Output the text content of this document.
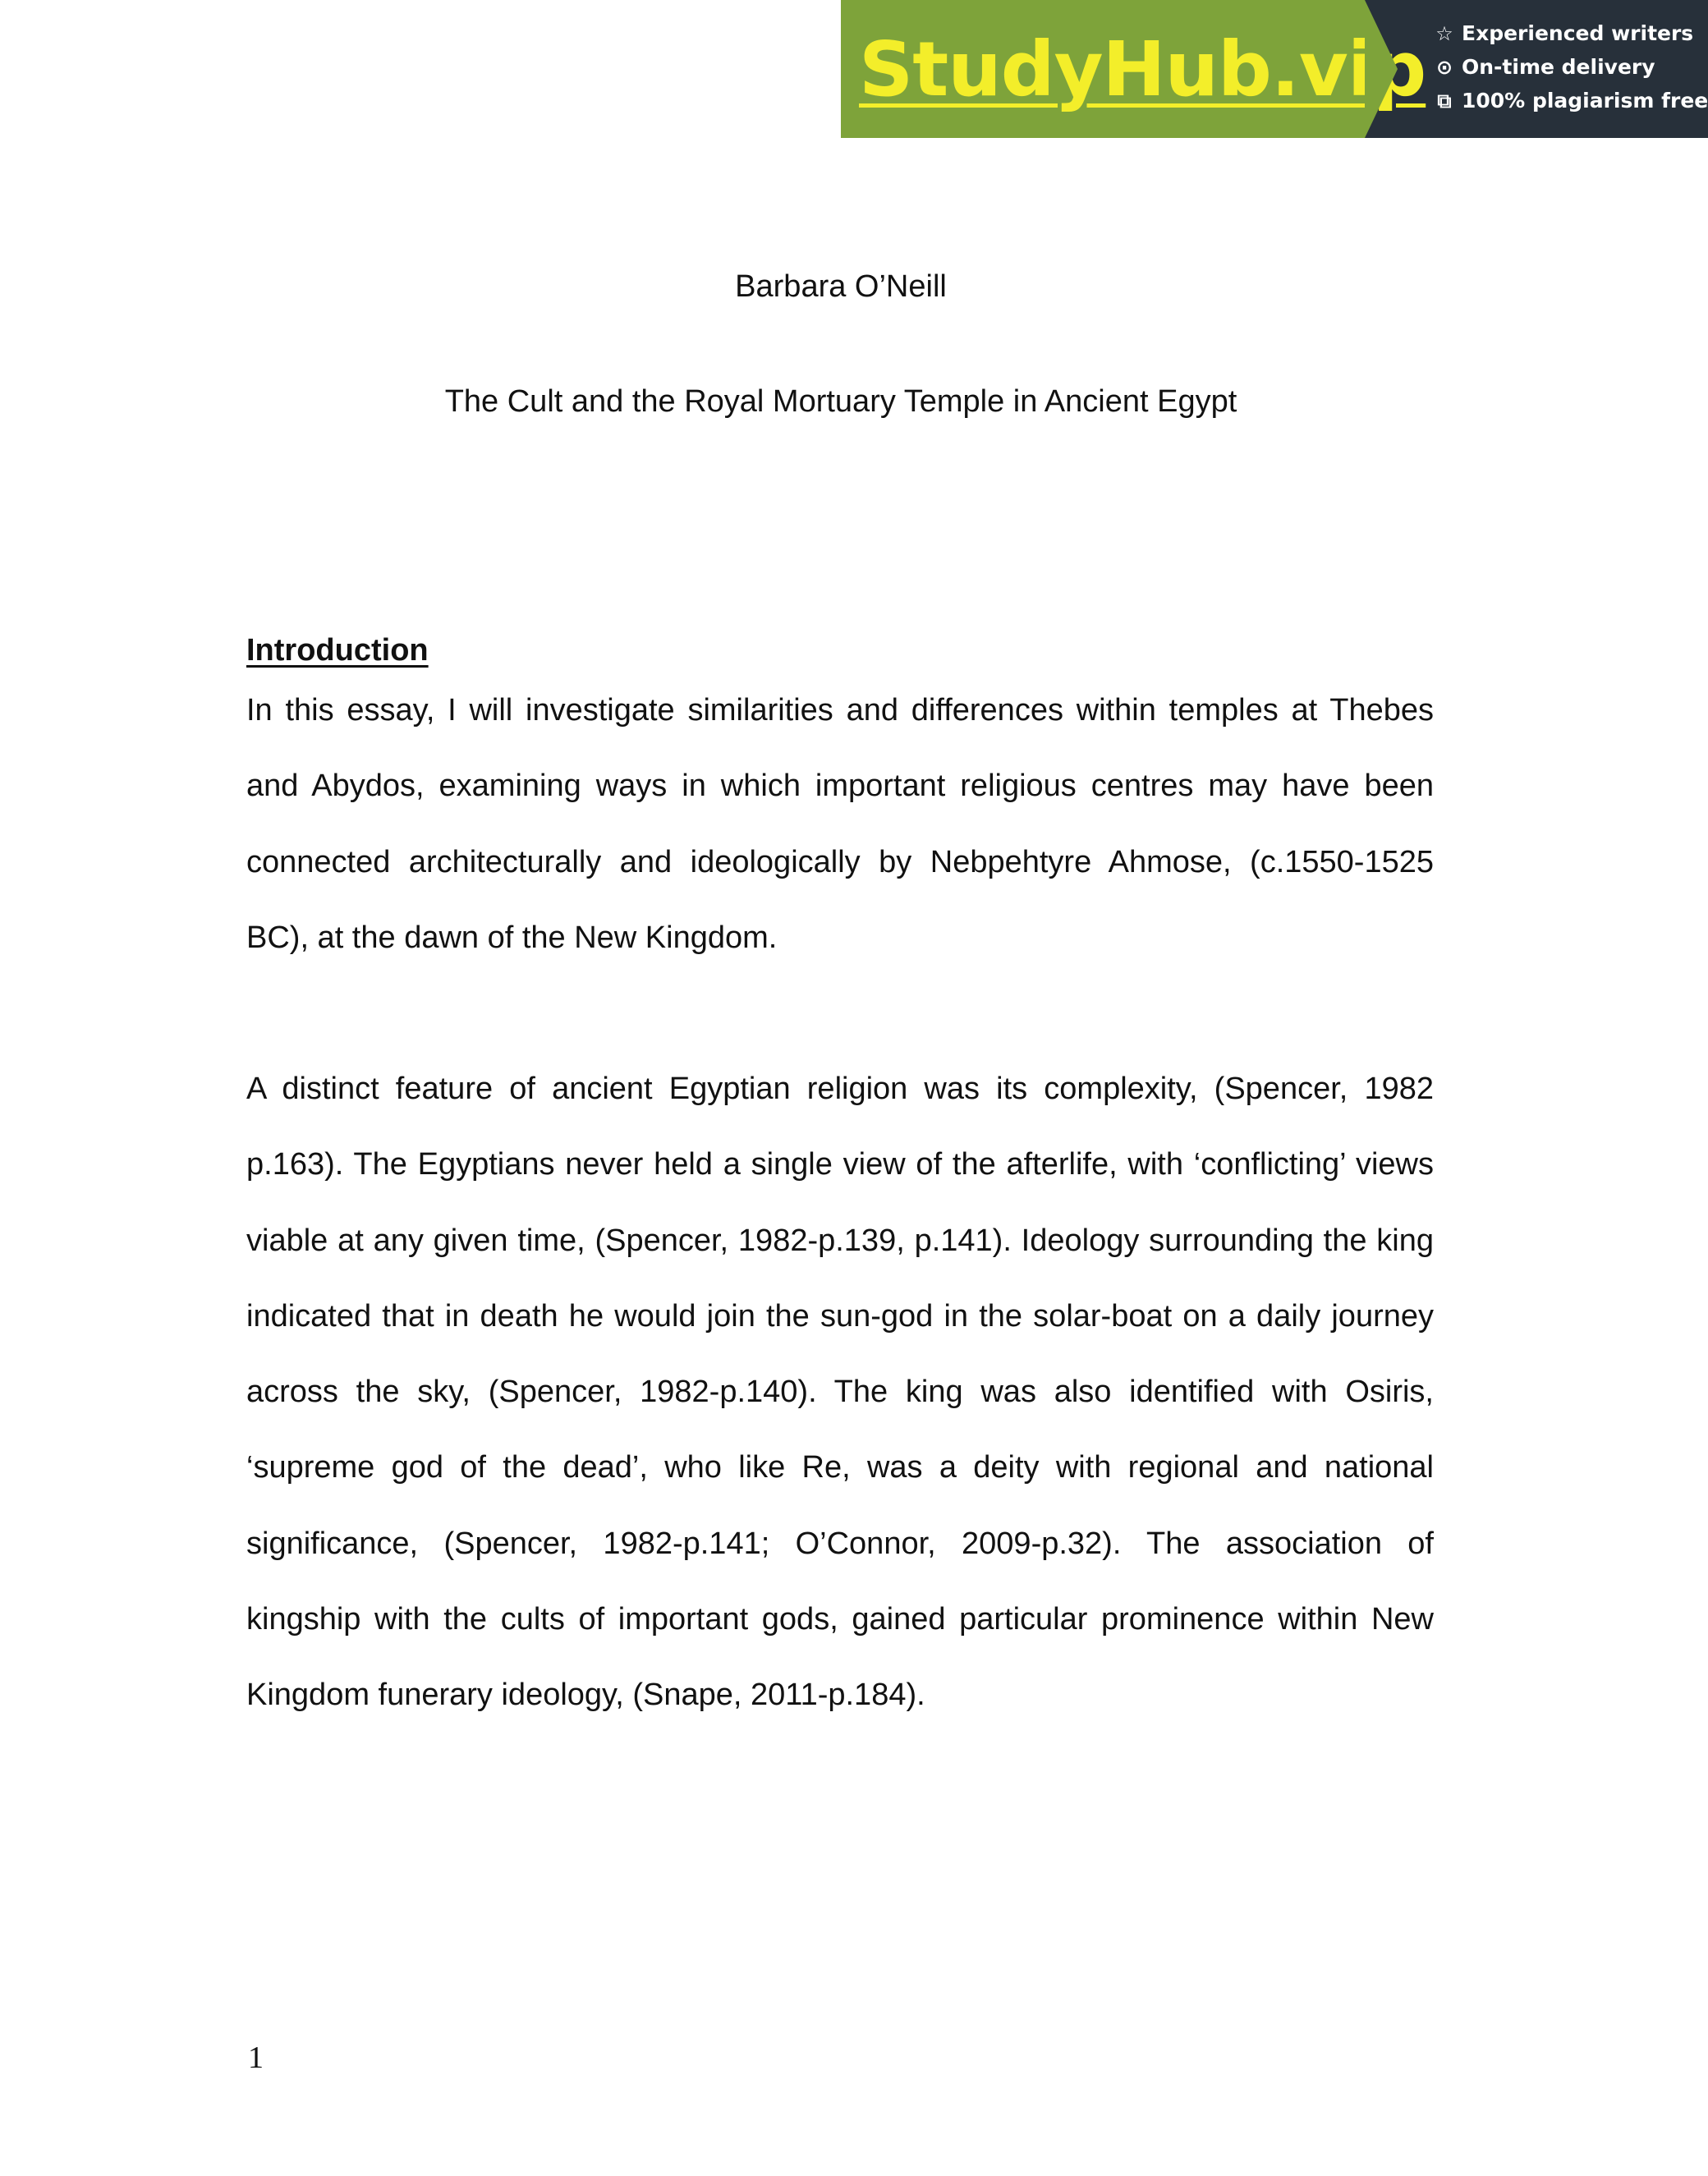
StudyHub.vip ☆ Experienced writers
⊙ On-time delivery
⧉ 100% plagiarism free
Barbara O’Neill
The Cult and the Royal Mortuary Temple in Ancient Egypt
Introduction

In this essay, I will investigate similarities and differences within temples at Thebes and Abydos, examining ways in which important religious centres may have been connected architecturally and ideologically by Nebpehtyre Ahmose, (c.1550-1525 BC), at the dawn of the New Kingdom.

A distinct feature of ancient Egyptian religion was its complexity, (Spencer, 1982 p.163). The Egyptians never held a single view of the afterlife, with ‘conflicting’ views viable at any given time, (Spencer, 1982-p.139, p.141). Ideology surrounding the king indicated that in death he would join the sun-god in the solar-boat on a daily journey across the sky, (Spencer, 1982-p.140). The king was also identified with Osiris, ‘supreme god of the dead’, who like Re, was a deity with regional and national significance, (Spencer, 1982-p.141; O’Connor, 2009-p.32). The association of kingship with the cults of important gods, gained particular prominence within New Kingdom funerary ideology, (Snape, 2011-p.184).

1
